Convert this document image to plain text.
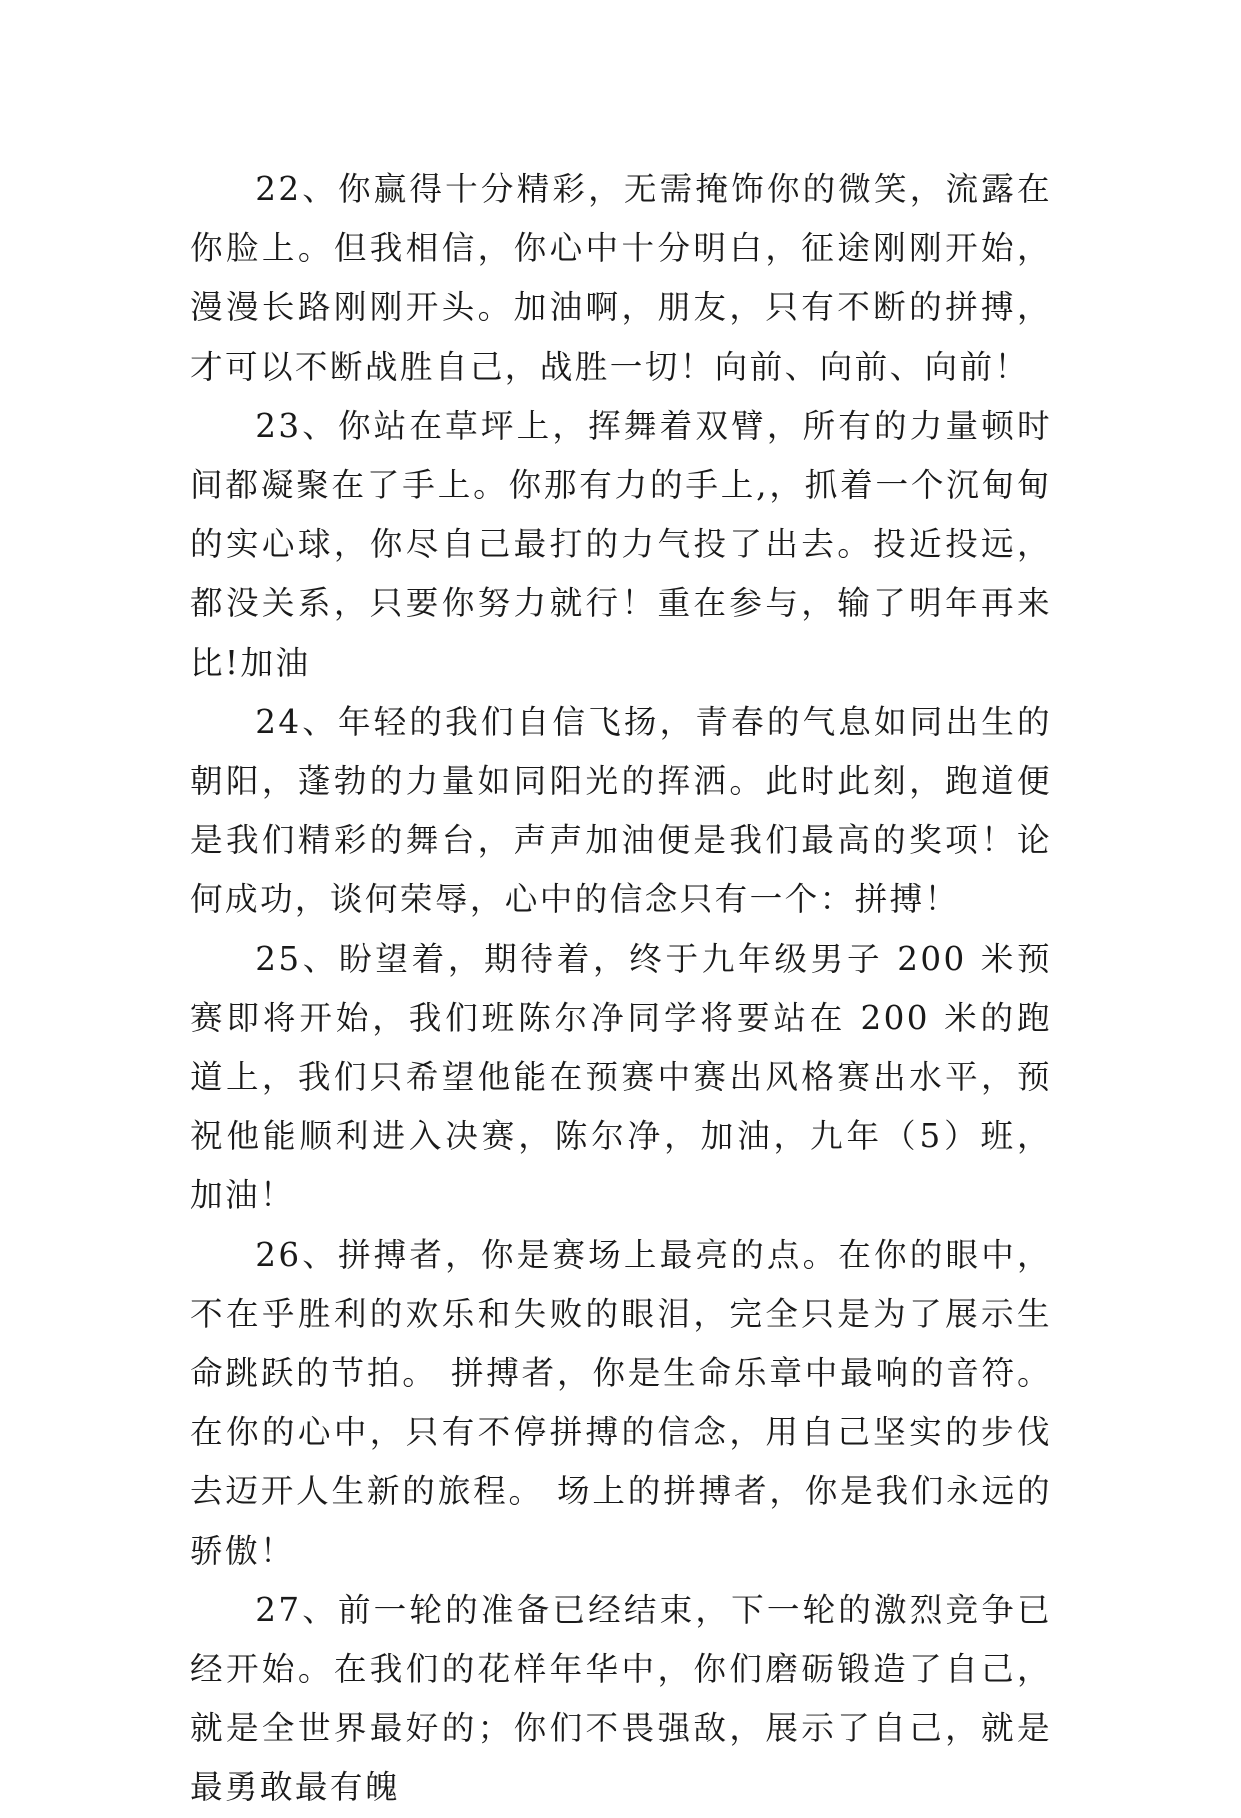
22、你赢得十分精彩，无需掩饰你的微笑，流露在你脸上。但我相信，你心中十分明白，征途刚刚开始，漫漫长路刚刚开头。加油啊，朋友，只有不断的拼搏，才可以不断战胜自己，战胜一切！向前、向前、向前！

23、你站在草坪上，挥舞着双臂，所有的力量顿时间都凝聚在了手上。你那有力的手上,，抓着一个沉甸甸的实心球，你尽自己最打的力气投了出去。投近投远，都没关系，只要你努力就行！重在参与，输了明年再来比!加油

24、年轻的我们自信飞扬，青春的气息如同出生的朝阳，蓬勃的力量如同阳光的挥洒。此时此刻，跑道便是我们精彩的舞台，声声加油便是我们最高的奖项！论何成功，谈何荣辱，心中的信念只有一个：拼搏！

25、盼望着，期待着，终于九年级男子 200 米预赛即将开始，我们班陈尔净同学将要站在 200 米的跑道上，我们只希望他能在预赛中赛出风格赛出水平，预祝他能顺利进入决赛，陈尔净，加油，九年（5）班，加油！

26、拼搏者，你是赛场上最亮的点。在你的眼中，不在乎胜利的欢乐和失败的眼泪，完全只是为了展示生命跳跃的节拍。 拼搏者，你是生命乐章中最响的音符。在你的心中，只有不停拼搏的信念，用自己坚实的步伐去迈开人生新的旅程。 场上的拼搏者，你是我们永远的骄傲！

27、前一轮的准备已经结束，下一轮的激烈竞争已经开始。在我们的花样年华中，你们磨砺锻造了自己，就是全世界最好的；你们不畏强敌，展示了自己，就是最勇敢最有魄
